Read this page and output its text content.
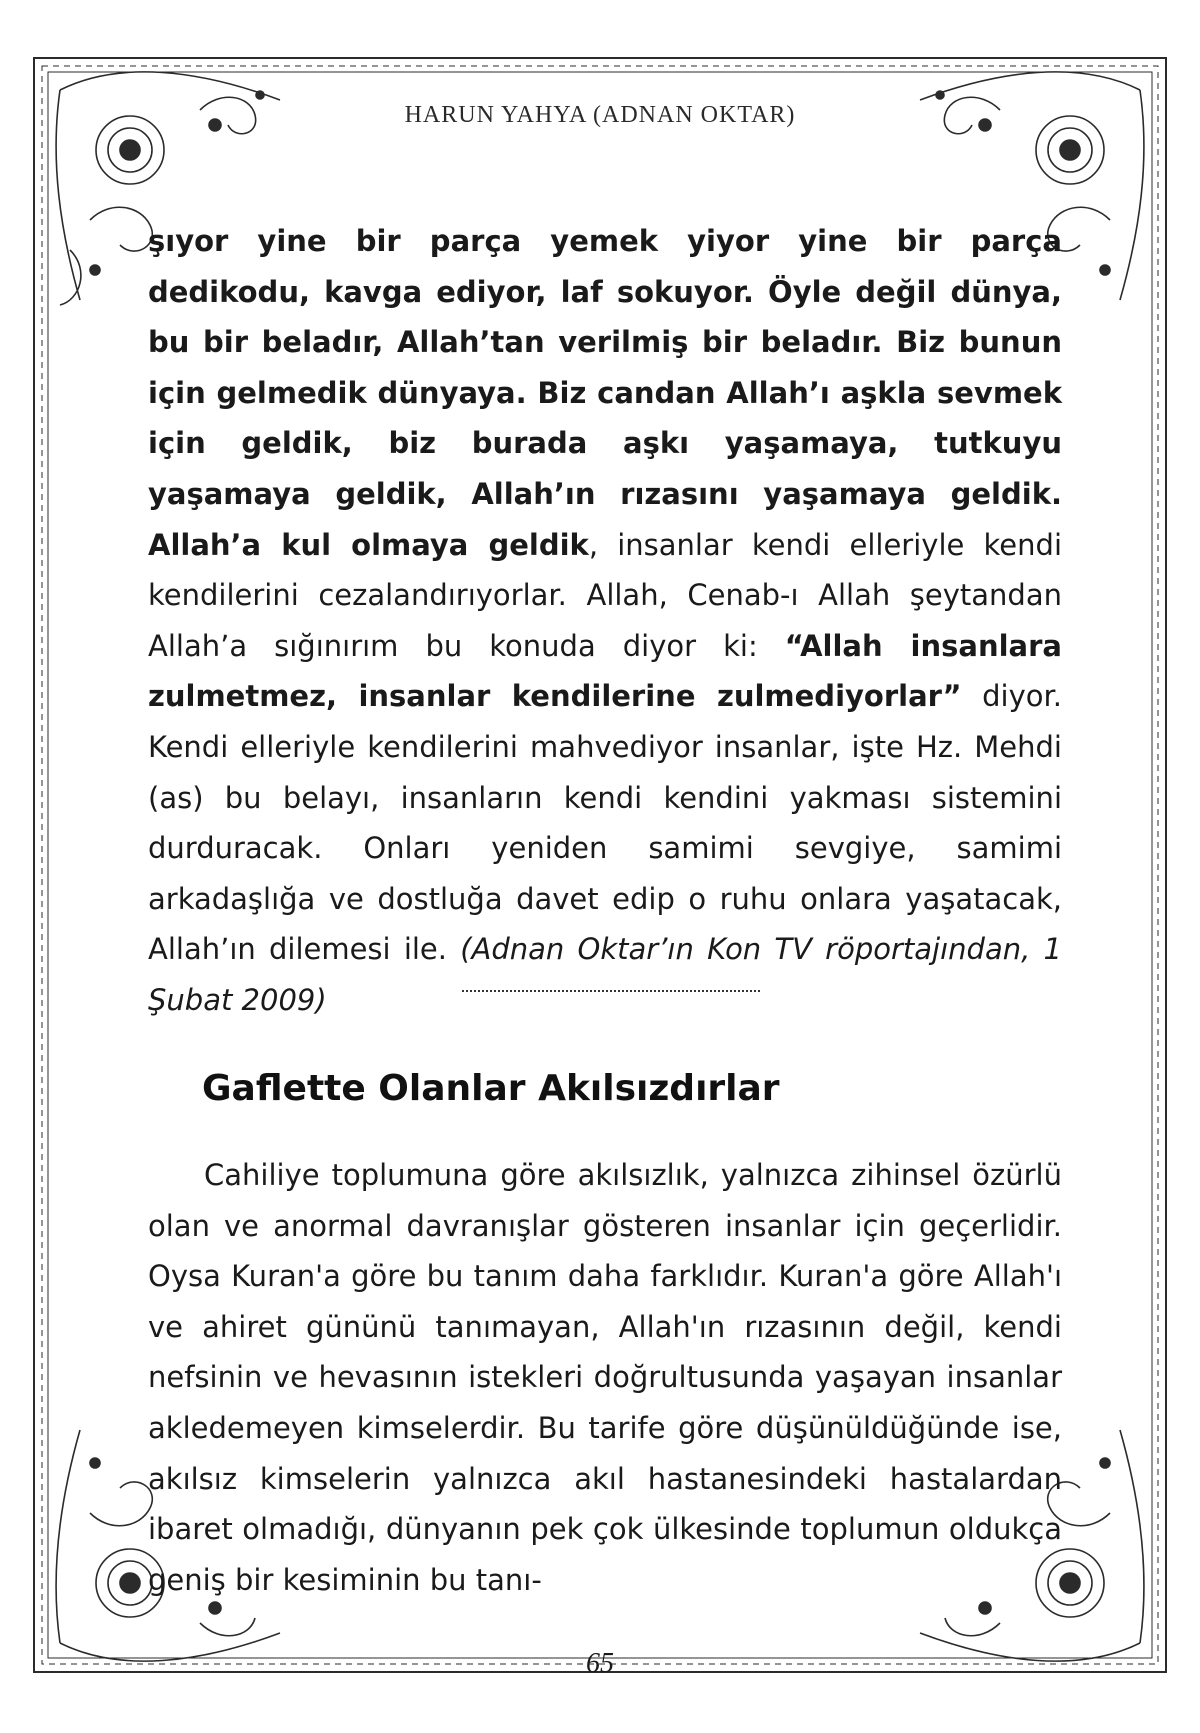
HARUN YAHYA (ADNAN OKTAR)

şıyor yine bir parça yemek yiyor yine bir parça dedikodu, kavga ediyor, laf sokuyor. Öyle değil dünya, bu bir beladır, Allah’tan verilmiş bir beladır. Biz bunun için gelmedik dünyaya. Biz candan Allah’ı aşkla sevmek için geldik, biz burada aşkı yaşamaya, tutkuyu yaşamaya geldik, Allah’ın rızasını yaşamaya geldik. Allah’a kul olmaya geldik, insanlar kendi elleriyle kendi kendilerini cezalandırıyorlar. Allah, Cenab-ı Allah şeytandan Allah’a sığınırım bu konuda diyor ki: “Allah insanlara zulmetmez, insanlar kendilerine zulmediyorlar” diyor. Kendi elleriyle kendilerini mahvediyor insanlar, işte Hz. Mehdi (as) bu belayı, insanların kendi kendini yakması sistemini durduracak. Onları yeniden samimi sevgiye, samimi arkadaşlığa ve dostluğa davet edip o ruhu onlara yaşatacak, Allah’ın dilemesi ile. (Adnan Oktar’ın Kon TV röportajından, 1 Şubat 2009)

Gaflette Olanlar Akılsızdırlar

Cahiliye toplumuna göre akılsızlık, yalnızca zihinsel özürlü olan ve anormal davranışlar gösteren insanlar için geçerlidir. Oysa Kuran'a göre bu tanım daha farklıdır. Kuran'a göre Allah'ı ve ahiret gününü tanımayan, Allah'ın rızasının değil, kendi nefsinin ve hevasının istekleri doğrultusunda yaşayan insanlar akledemeyen kimselerdir. Bu tarife göre düşünüldüğünde ise, akılsız kimselerin yalnızca akıl hastanesindeki hastalardan ibaret olmadığı, dünyanın pek çok ülkesinde toplumun oldukça geniş bir kesiminin bu tanı-

65
